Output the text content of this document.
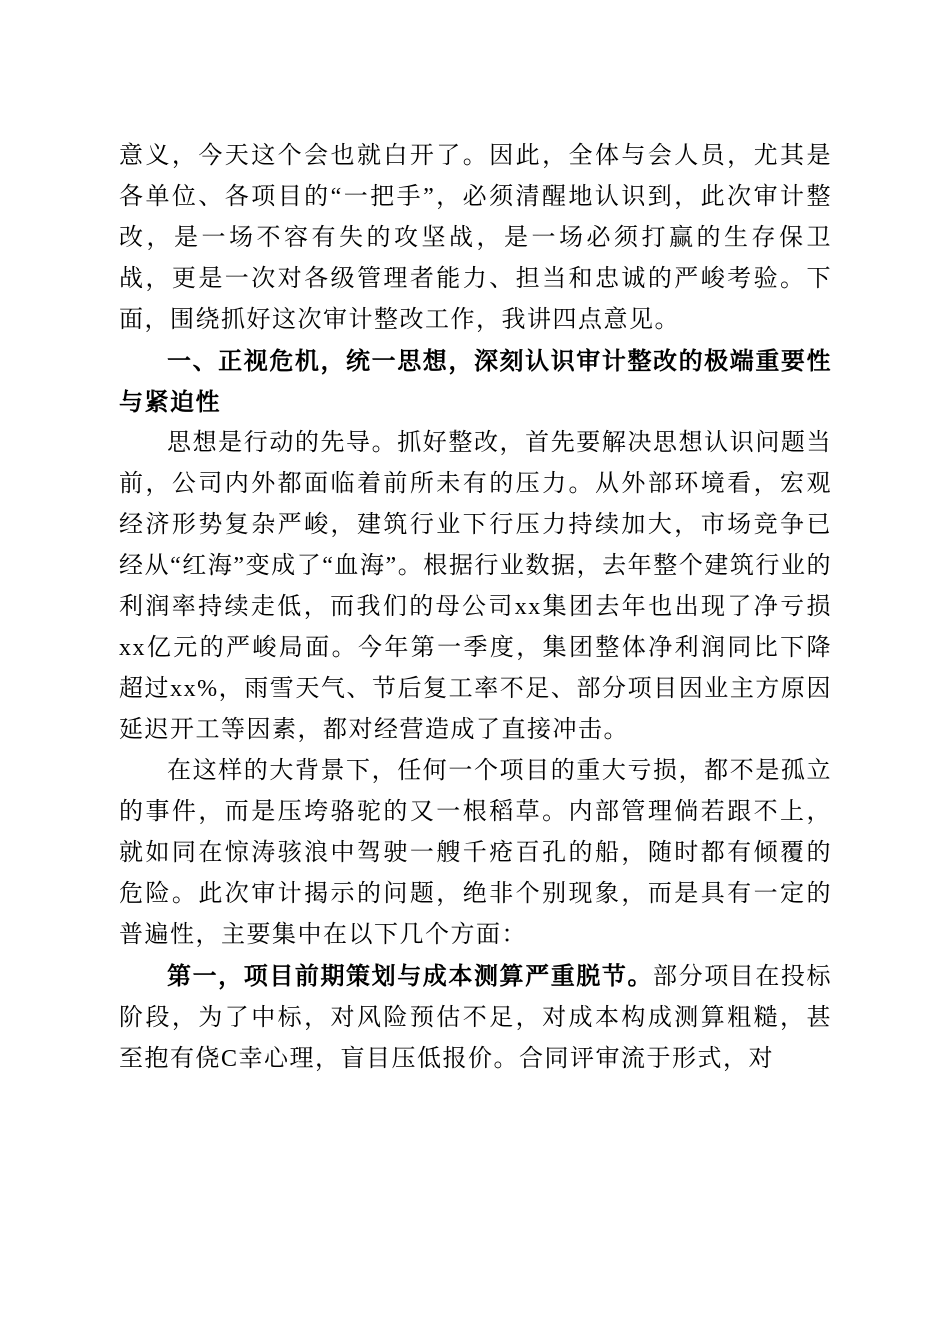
意义，今天这个会也就白开了。因此，全体与会人员，尤其是各单位、各项目的“一把手”，必须清醒地认识到，此次审计整改，是一场不容有失的攻坚战，是一场必须打赢的生存保卫战，更是一次对各级管理者能力、担当和忠诚的严峻考验。下面，围绕抓好这次审计整改工作，我讲四点意见。

一、正视危机，统一思想，深刻认识审计整改的极端重要性与紧迫性

思想是行动的先导。抓好整改，首先要解决思想认识问题当前，公司内外都面临着前所未有的压力。从外部环境看，宏观经济形势复杂严峻，建筑行业下行压力持续加大，市场竞争已经从“红海”变成了“血海”。根据行业数据，去年整个建筑行业的利润率持续走低，而我们的母公司xx集团去年也出现了净亏损xx亿元的严峻局面。今年第一季度，集团整体净利润同比下降超过xx%，雨雪天气、节后复工率不足、部分项目因业主方原因延迟开工等因素，都对经营造成了直接冲击。

在这样的大背景下，任何一个项目的重大亏损，都不是孤立的事件，而是压垮骆驼的又一根稻草。内部管理倘若跟不上，就如同在惊涛骇浪中驾驶一艘千疮百孔的船，随时都有倾覆的危险。此次审计揭示的问题，绝非个别现象，而是具有一定的普遍性，主要集中在以下几个方面：

第一，项目前期策划与成本测算严重脱节。部分项目在投标阶段，为了中标，对风险预估不足，对成本构成测算粗糙，甚至抱有侥C幸心理，盲目压低报价。合同评审流于形式，对
